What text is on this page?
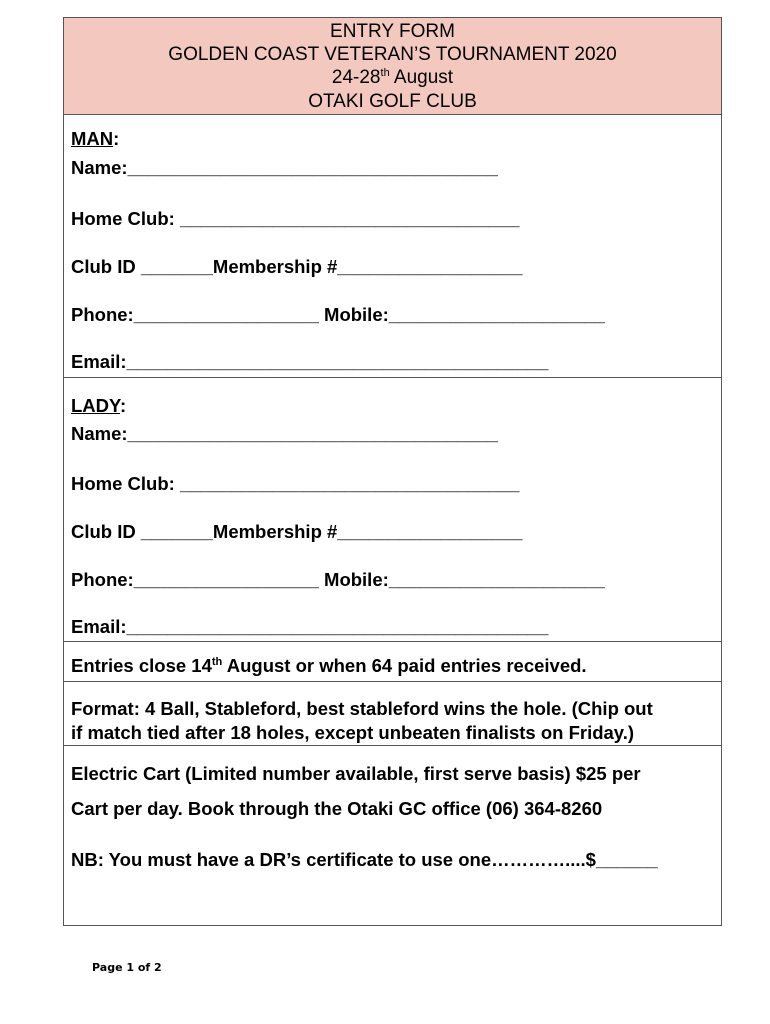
ENTRY FORM
GOLDEN COAST VETERAN’S TOURNAMENT 2020
24-28th August
OTAKI GOLF CLUB
MAN:
Name:____________________________________
Home Club: _________________________________
Club ID _______Membership #__________________
Phone:__________________ Mobile:_____________________
Email:_________________________________________
LADY:
Name:____________________________________
Home Club: _________________________________
Club ID _______Membership #__________________
Phone:__________________ Mobile:_____________________
Email:_________________________________________
Entries close 14th August or when 64 paid entries received.
Format: 4 Ball, Stableford, best stableford wins the hole. (Chip out
if match tied after 18 holes, except unbeaten finalists on Friday.)
Electric Cart (Limited number available, first serve basis) $25 per
Cart per day. Book through the Otaki GC office (06) 364-8260
NB: You must have a DR’s certificate to use one…………....$______
Page 1 of 2
